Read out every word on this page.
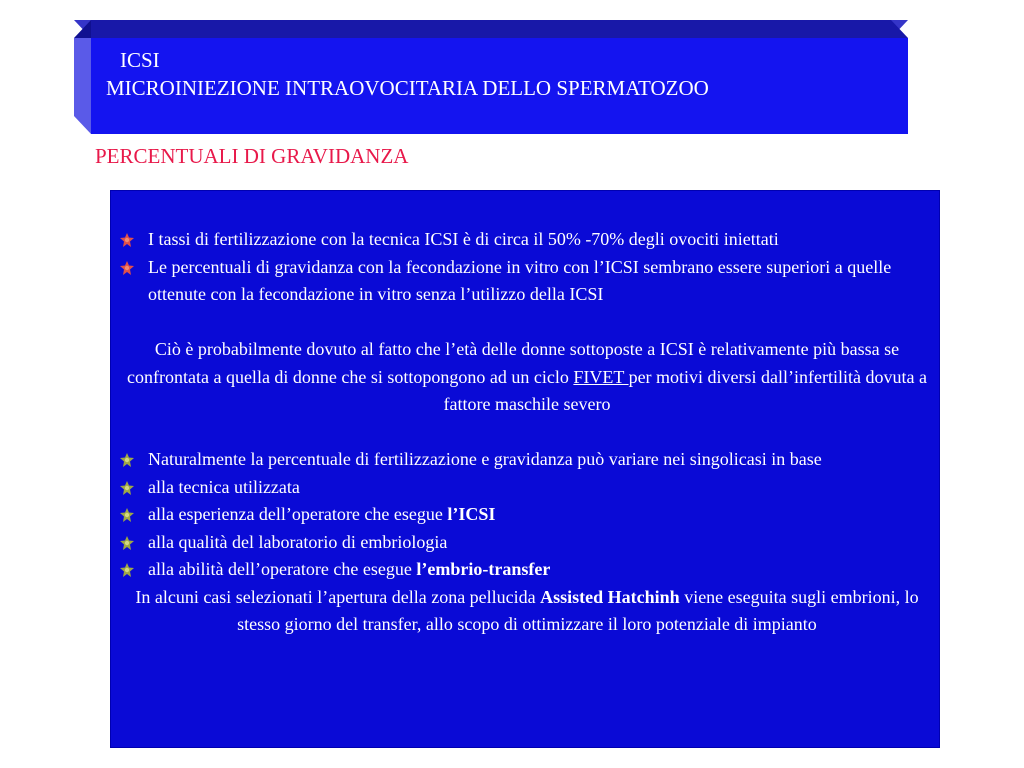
ICSI
MICROINIEZIONE INTRAOVOCITARIA DELLO SPERMATOZOO
PERCENTUALI DI GRAVIDANZA
I tassi di fertilizzazione con la tecnica ICSI è di circa il 50% -70% degli ovociti iniettati
Le percentuali di gravidanza con la fecondazione in vitro con l’ICSI sembrano essere superiori a quelle ottenute con la fecondazione in vitro senza l’utilizzo della ICSI
Ciò è probabilmente dovuto al fatto che l’età delle donne sottoposte a ICSI è relativamente più bassa se confrontata a quella di donne che si sottopongono ad un ciclo FIVET per motivi diversi dall’infertilità dovuta a fattore maschile severo
Naturalmente la percentuale di fertilizzazione e gravidanza può variare nei singolicasi in base
alla tecnica utilizzata
alla esperienza dell’operatore che esegue l’ICSI
alla qualità del laboratorio di embriologia
alla abilità dell’operatore che esegue l’embrio-transfer
In alcuni casi selezionati l’apertura della zona pellucida Assisted Hatchinh viene eseguita sugli embrioni, lo stesso giorno del transfer, allo scopo di ottimizzare il loro potenziale di impianto
